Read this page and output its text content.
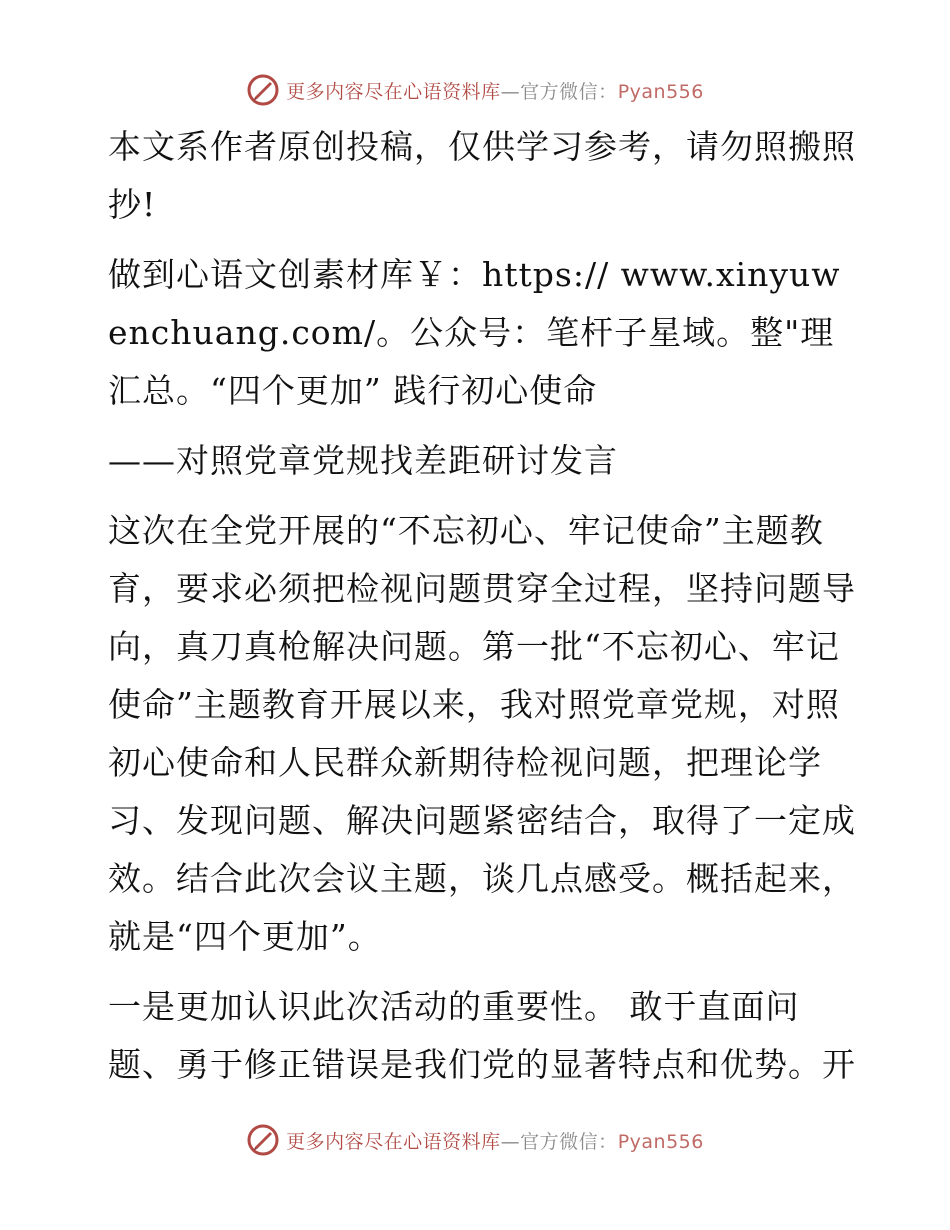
更多内容尽在心语资料库—官方微信：Pyan556

本文系作者原创投稿，仅供学习参考，请勿照搬照抄!

做到心语文创素材库￥：https:// www.xinyuwenchuang.com/。公众号：笔杆子星域。整"理汇总。“四个更加” 践行初心使命

——对照党章党规找差距研讨发言

这次在全党开展的“不忘初心、牢记使命”主题教育，要求必须把检视问题贯穿全过程，坚持问题导向，真刀真枪解决问题。第一批“不忘初心、牢记使命”主题教育开展以来，我对照党章党规，对照初心使命和人民群众新期待检视问题，把理论学习、发现问题、解决问题紧密结合，取得了一定成效。结合此次会议主题，谈几点感受。概括起来，就是“四个更加”。

一是更加认识此次活动的重要性。 敢于直面问题、勇于修正错误是我们党的显著特点和优势。开

更多内容尽在心语资料库—官方微信：Pyan556
